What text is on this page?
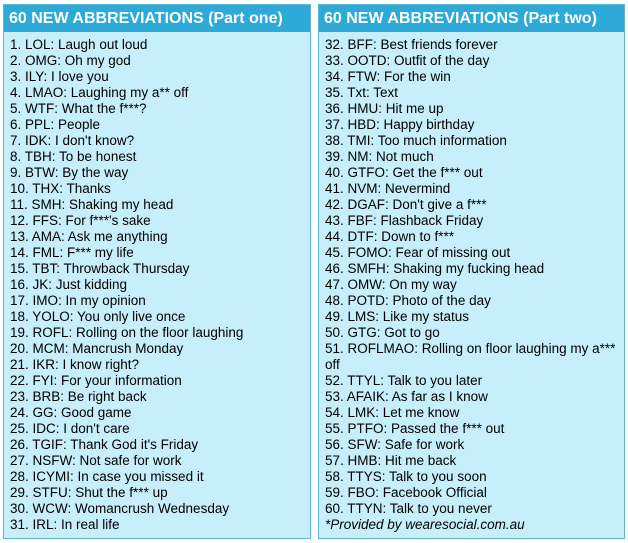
60 NEW ABBREVIATIONS (Part one)
1. LOL: Laugh out loud
2. OMG: Oh my god
3. ILY: I love you
4. LMAO: Laughing my a** off
5. WTF: What the f***?
6. PPL: People
7. IDK: I don't know?
8. TBH: To be honest
9. BTW: By the way
10. THX: Thanks
11. SMH: Shaking my head
12. FFS: For f***'s sake
13. AMA: Ask me anything
14. FML: F*** my life
15. TBT: Throwback Thursday
16. JK: Just kidding
17. IMO: In my opinion
18. YOLO: You only live once
19. ROFL: Rolling on the floor laughing
20. MCM: Mancrush Monday
21. IKR: I know right?
22. FYI: For your information
23. BRB: Be right back
24. GG: Good game
25. IDC: I don't care
26. TGIF: Thank God it's Friday
27. NSFW: Not safe for work
28. ICYMI: In case you missed it
29. STFU: Shut the f*** up
30. WCW: Womancrush Wednesday
31. IRL: In real life
60 NEW ABBREVIATIONS (Part two)
32. BFF: Best friends forever
33. OOTD: Outfit of the day
34. FTW: For the win
35. Txt: Text
36. HMU: Hit me up
37. HBD: Happy birthday
38. TMI: Too much information
39. NM: Not much
40. GTFO: Get the f*** out
41. NVM: Nevermind
42. DGAF: Don't give a f***
43. FBF: Flashback Friday
44. DTF: Down to f***
45. FOMO: Fear of missing out
46. SMFH: Shaking my fucking head
47. OMW: On my way
48. POTD: Photo of the day
49. LMS: Like my status
50. GTG: Got to go
51. ROFLMAO: Rolling on floor laughing my a*** off
52. TTYL: Talk to you later
53. AFAIK: As far as I know
54. LMK: Let me know
55. PTFO: Passed the f*** out
56. SFW: Safe for work
57. HMB: Hit me back
58. TTYS: Talk to you soon
59. FBO: Facebook Official
60. TTYN: Talk to you never
*Provided by wearesocial.com.au
